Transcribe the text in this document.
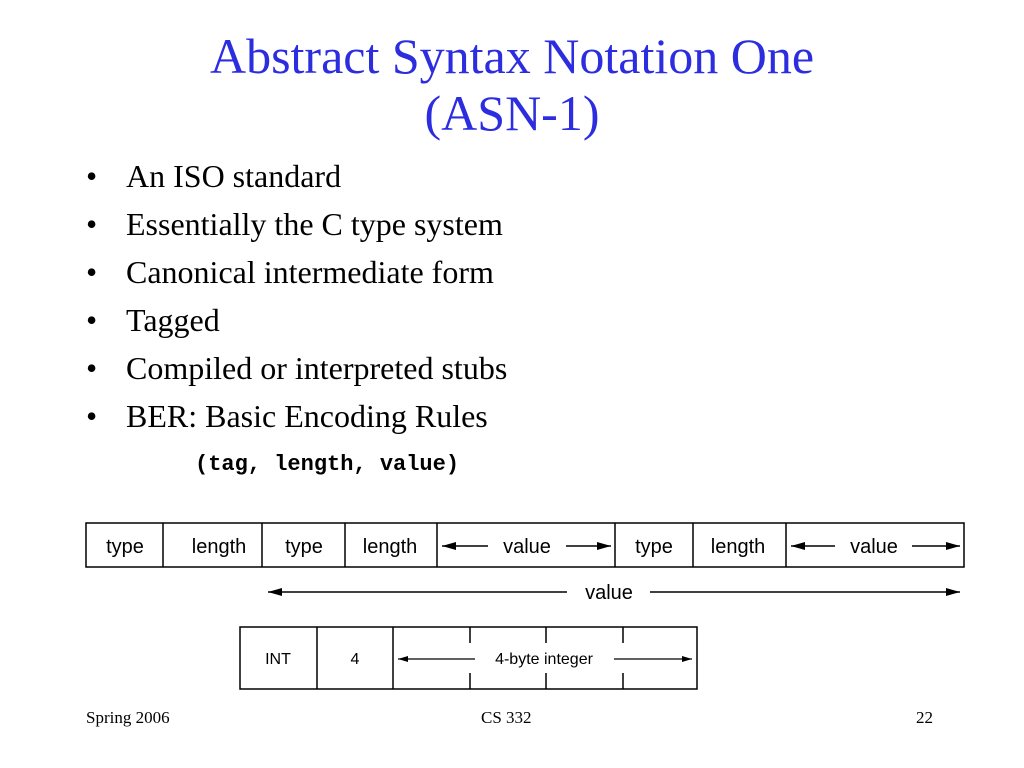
Abstract Syntax Notation One
(ASN-1)
• An ISO standard
• Essentially the C type system
• Canonical intermediate form
• Tagged
• Compiled or interpreted stubs
• BER: Basic Encoding Rules
(tag, length, value)
type length type length	value	type length	value
value
INT	4	4-byte integer
Spring 2006	CS 332	22
